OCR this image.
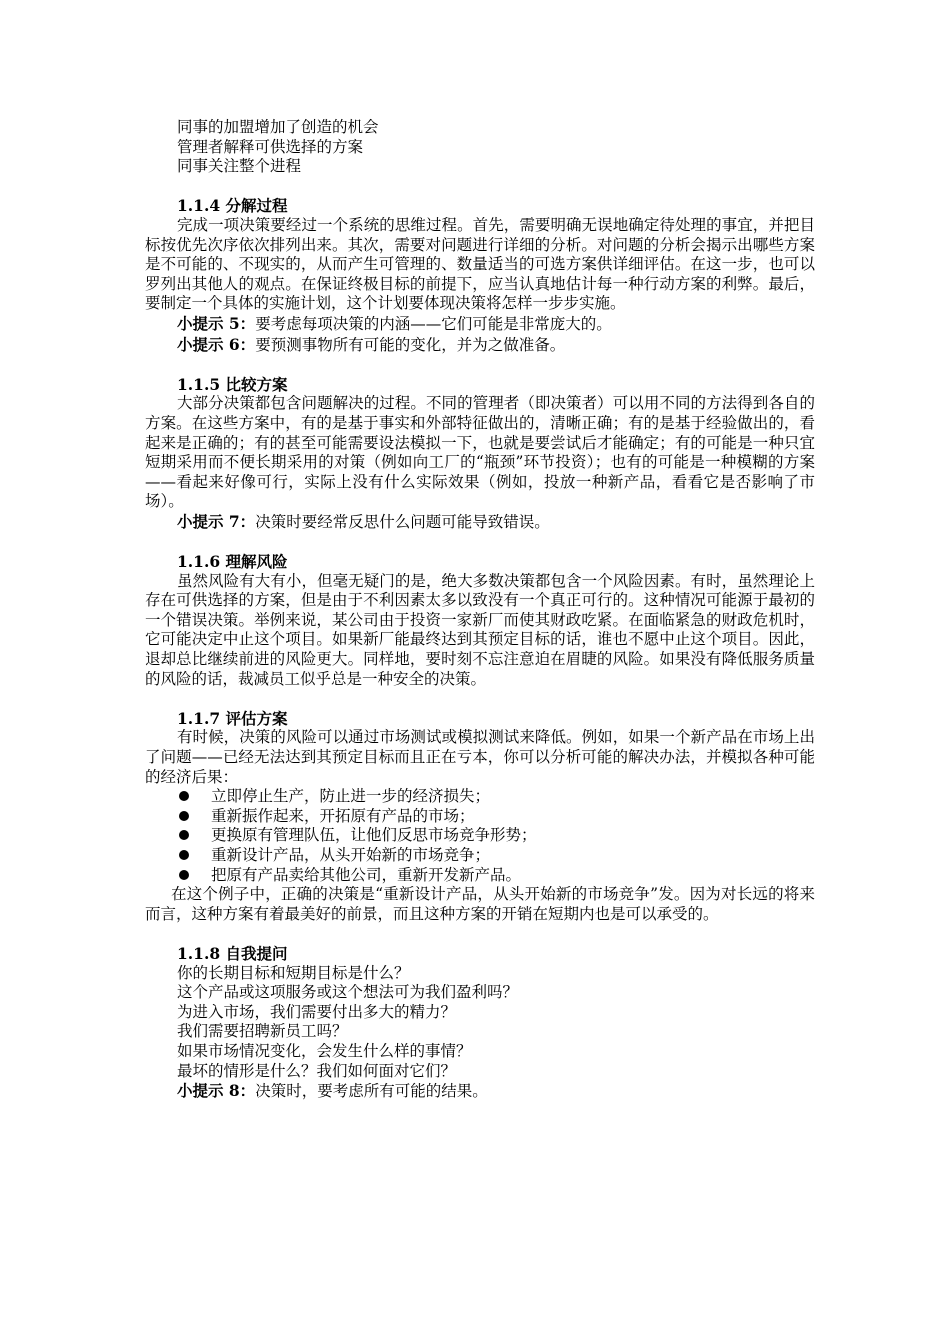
同事的加盟增加了创造的机会
管理者解释可供选择的方案
同事关注整个进程
1.1.4 分解过程
完成一项决策要经过一个系统的思维过程。首先，需要明确无误地确定待处理的事宜，并把目标按优先次序依次排列出来。其次，需要对问题进行详细的分析。对问题的分析会揭示出哪些方案是不可能的、不现实的，从而产生可管理的、数量适当的可选方案供详细评估。在这一步，也可以罗列出其他人的观点。在保证终极目标的前提下，应当认真地估计每一种行动方案的利弊。最后，要制定一个具体的实施计划，这个计划要体现决策将怎样一步步实施。
小提示 5：要考虑每项决策的内涵——它们可能是非常庞大的。
小提示 6：要预测事物所有可能的变化，并为之做准备。
1.1.5 比较方案
大部分决策都包含问题解决的过程。不同的管理者（即决策者）可以用不同的方法得到各自的方案。在这些方案中，有的是基于事实和外部特征做出的，清晰正确；有的是基于经验做出的，看起来是正确的；有的甚至可能需要设法模拟一下，也就是要尝试后才能确定；有的可能是一种只宜短期采用而不便长期采用的对策（例如向工厂的“瓶颈”环节投资）；也有的可能是一种模糊的方案——看起来好像可行，实际上没有什么实际效果（例如，投放一种新产品，看看它是否影响了市场）。
小提示 7：决策时要经常反思什么问题可能导致错误。
1.1.6 理解风险
虽然风险有大有小，但毫无疑门的是，绝大多数决策都包含一个风险因素。有时，虽然理论上存在可供选择的方案，但是由于不利因素太多以致没有一个真正可行的。这种情况可能源于最初的一个错误决策。举例来说，某公司由于投资一家新厂而使其财政吃紧。在面临紧急的财政危机时，它可能决定中止这个项目。如果新厂能最终达到其预定目标的话，谁也不愿中止这个项目。因此，退却总比继续前进的风险更大。同样地，要时刻不忘注意迫在眉睫的风险。如果没有降低服务质量的风险的话，裁减员工似乎总是一种安全的决策。
1.1.7 评估方案
有时候，决策的风险可以通过市场测试或模拟测试来降低。例如，如果一个新产品在市场上出了问题——已经无法达到其预定目标而且正在亏本，你可以分析可能的解决办法，并模拟各种可能的经济后果：
立即停止生产，防止进一步的经济损失；
重新振作起来，开拓原有产品的市场；
更换原有管理队伍，让他们反思市场竞争形势；
重新设计产品，从头开始新的市场竞争；
把原有产品卖给其他公司，重新开发新产品。
在这个例子中，正确的决策是“重新设计产品，从头开始新的市场竞争”发。因为对长远的将来而言，这种方案有着最美好的前景，而且这种方案的开销在短期内也是可以承受的。
1.1.8 自我提问
你的长期目标和短期目标是什么？
这个产品或这项服务或这个想法可为我们盈利吗？
为进入市场，我们需要付出多大的精力？
我们需要招聘新员工吗？
如果市场情况变化，会发生什么样的事情？
最坏的情形是什么？我们如何面对它们？
小提示 8：决策时，要考虑所有可能的结果。
